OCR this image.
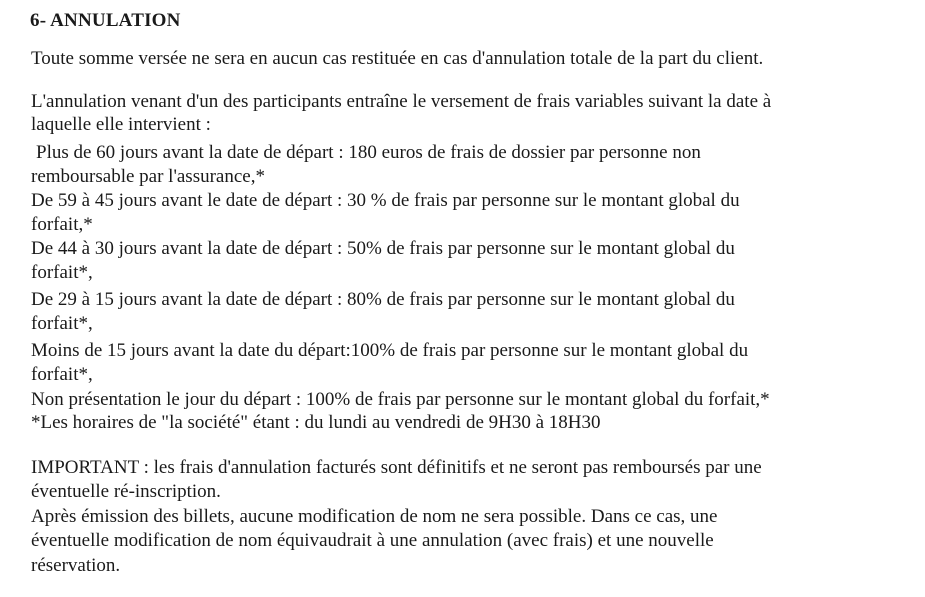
6- ANNULATION

Toute somme versée ne sera en aucun cas restituée en cas d'annulation totale de la part du client.

L'annulation venant d'un des participants entraîne le versement de frais variables suivant la date à

laquelle elle intervient :

Plus de 60 jours avant la date de départ : 180 euros de frais de dossier par personne non

remboursable par l'assurance,*

De 59 à 45 jours avant le date de départ : 30 % de frais par personne sur le montant global du

forfait,*

De 44 à 30 jours avant la date de départ : 50% de frais par personne sur le montant global du

forfait*,

De 29 à 15 jours avant la date de départ : 80% de frais par personne sur le montant global du

forfait*,

Moins de 15 jours avant la date du départ:100% de frais par personne sur le montant global du

forfait*,

Non présentation le jour du départ : 100% de frais par personne sur le montant global du forfait,*

*Les horaires de "la société" étant : du lundi au vendredi de 9H30 à 18H30

IMPORTANT : les frais d'annulation facturés sont définitifs et ne seront pas remboursés par une

éventuelle ré-inscription.

Après émission des billets, aucune modification de nom ne sera possible. Dans ce cas, une

éventuelle modification de nom équivaudrait à une annulation (avec frais) et une nouvelle

réservation.
